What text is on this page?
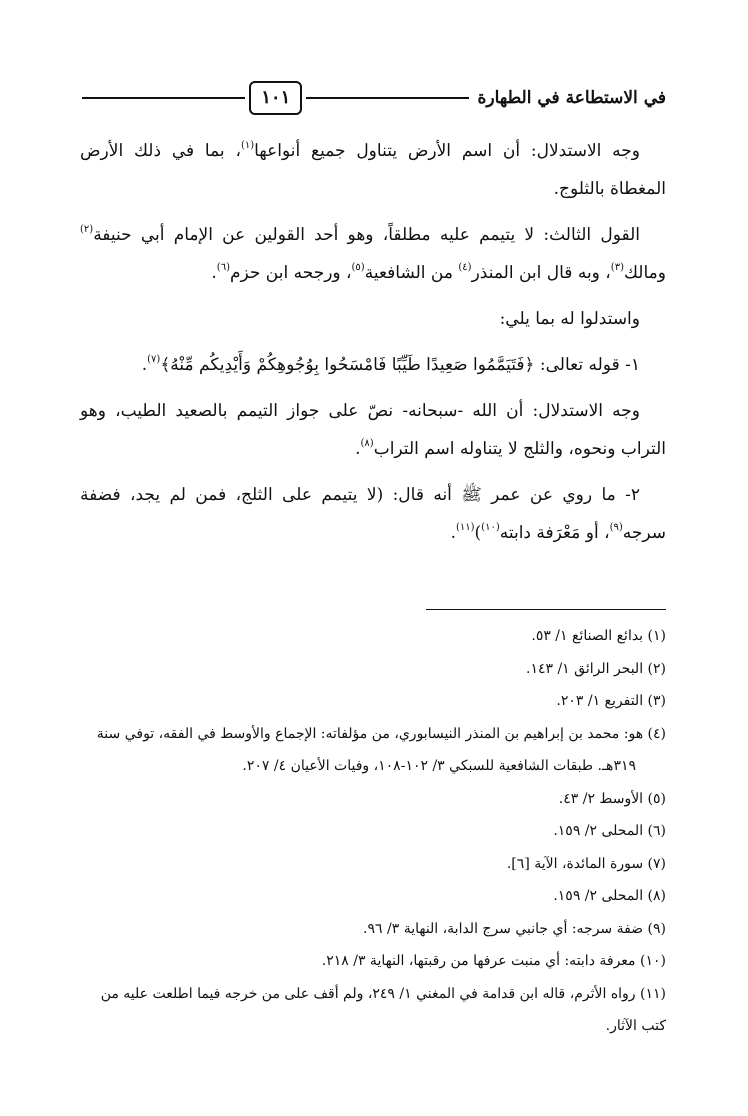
في الاستطاعة في الطهارة
١٠١

وجه الاستدلال: أن اسم الأرض يتناول جميع أنواعها$^{(١)}$، بما في ذلك الأرض المغطاة بالثلوج.

القول الثالث: لا يتيمم عليه مطلقاً، وهو أحد القولين عن الإمام أبي حنيفة$^{(٢)}$ ومالك$^{(٣)}$، وبه قال ابن المنذر$^{(٤)}$ من الشافعية$^{(٥)}$، ورجحه ابن حزم$^{(٦)}$.

واستدلوا له بما يلي:

١- قوله تعالى: ﴿فَتَيَمَّمُوا صَعِيدًا طَيِّبًا فَامْسَحُوا بِوُجُوهِكُمْ وَأَيْدِيكُم مِّنْهُ﴾$^{(٧)}$.

وجه الاستدلال: أن الله -سبحانه- نصّ على جواز التيمم بالصعيد الطيب، وهو التراب ونحوه، والثلج لا يتناوله اسم التراب$^{(٨)}$.

٢- ما روي عن عمر ﷺ أنه قال: (لا يتيمم على الثلج، فمن لم يجد، فضفة سرجه$^{(٩)}$، أو مَعْرَفة دابته$^{(١٠)}$)$^{(١١)}$.

(١) بدائع الصنائع ١/ ٥٣.

(٢) البحر الرائق ١/ ١٤٣.

(٣) التفريع ١/ ٢٠٣.

(٤) هو: محمد بن إبراهيم بن المنذر النيسابوري، من مؤلفاته: الإجماع والأوسط في الفقه، توفي سنة

٣١٩هـ. طبقات الشافعية للسبكي ٣/ ١٠٢-١٠٨، وفيات الأعيان ٤/ ٢٠٧.

(٥) الأوسط ٢/ ٤٣.

(٦) المحلى ٢/ ١٥٩.

(٧) سورة المائدة، الآية [٦].

(٨) المحلى ٢/ ١٥٩.

(٩) ضفة سرجه: أي جانبي سرج الدابة، النهاية ٣/ ٩٦.

(١٠) معرفة دابته: أي منبت عرفها من رقبتها، النهاية ٣/ ٢١٨.

(١١) رواه الأثرم، قاله ابن قدامة في المغني ١/ ٢٤٩، ولم أقف على من خرجه فيما اطلعت عليه من كتب الآثار.
